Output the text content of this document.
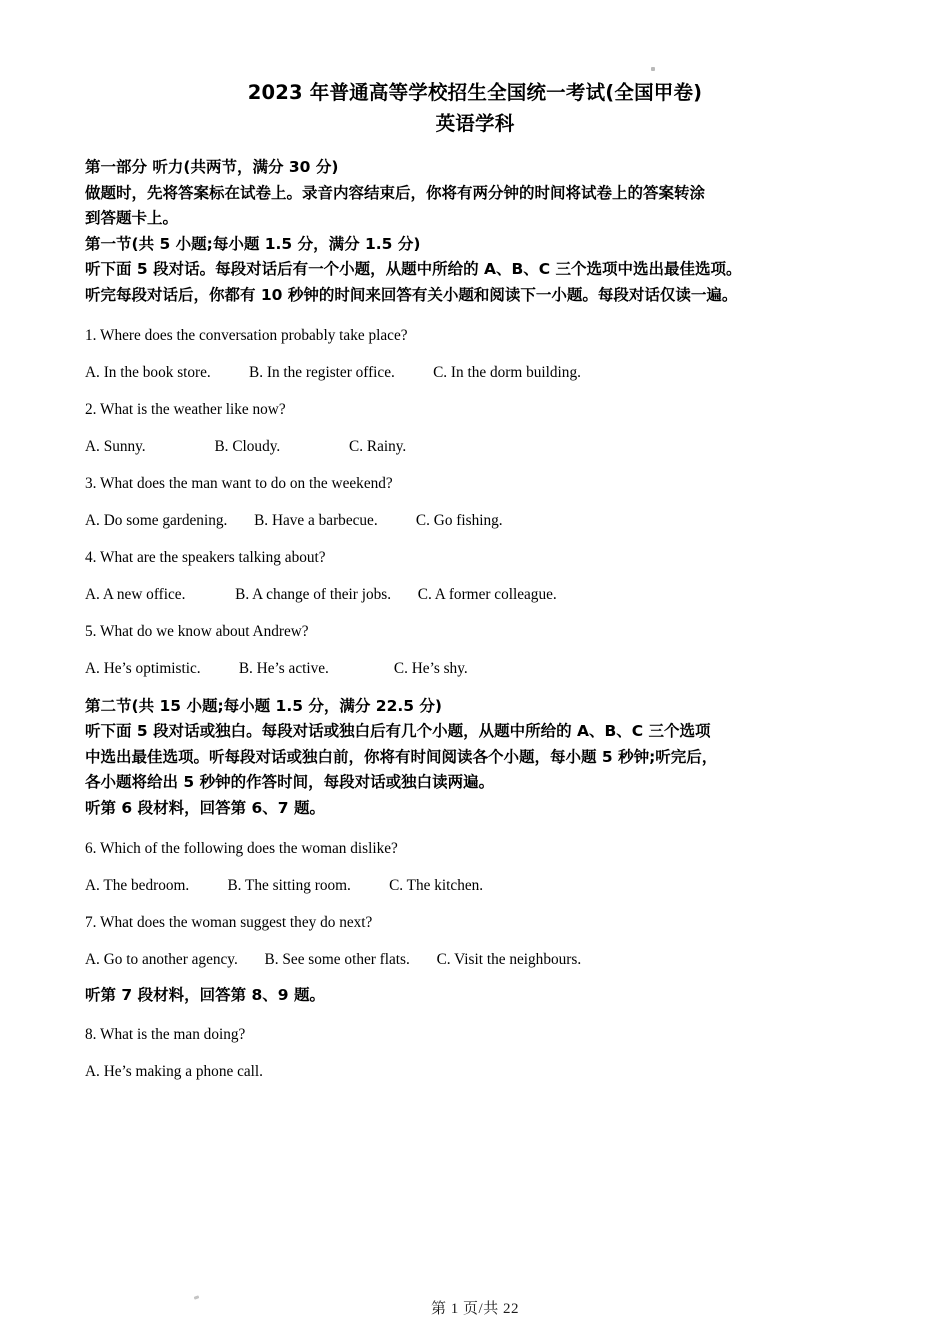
2023 年普通高等学校招生全国统一考试(全国甲卷)
英语学科
第一部分 听力(共两节，满分 30 分)
做题时，先将答案标在试卷上。录音内容结束后，你将有两分钟的时间将试卷上的答案转涂
到答题卡上。
第一节(共 5 小题;每小题 1.5 分，满分 1.5 分)
听下面 5 段对话。每段对话后有一个小题，从题中所给的 A、B、C 三个选项中选出最佳选项。
听完每段对话后，你都有 10 秒钟的时间来回答有关小题和阅读下一小题。每段对话仅读一遍。
1. Where does the conversation probably take place?
A. In the book store.          B. In the register office.          C. In the dorm building.
2. What is the weather like now?
A. Sunny.                  B. Cloudy.                  C. Rainy.
3. What does the man want to do on the weekend?
A. Do some gardening.       B. Have a barbecue.          C. Go fishing.
4. What are the speakers talking about?
A. A new office.             B. A change of their jobs.       C. A former colleague.
5. What do we know about Andrew?
A. He’s optimistic.          B. He’s active.                 C. He’s shy.
第二节(共 15 小题;每小题 1.5 分，满分 22.5 分)
听下面 5 段对话或独白。每段对话或独白后有几个小题，从题中所给的 A、B、C 三个选项
中选出最佳选项。听每段对话或独白前，你将有时间阅读各个小题，每小题 5 秒钟;听完后，
各小题将给出 5 秒钟的作答时间，每段对话或独白读两遍。
听第 6 段材料，回答第 6、7 题。
6. Which of the following does the woman dislike?
A. The bedroom.          B. The sitting room.          C. The kitchen.
7. What does the woman suggest they do next?
A. Go to another agency.       B. See some other flats.       C. Visit the neighbours.
听第 7 段材料，回答第 8、9 题。
8. What is the man doing?
A. He’s making a phone call.
第 1 页/共 22
